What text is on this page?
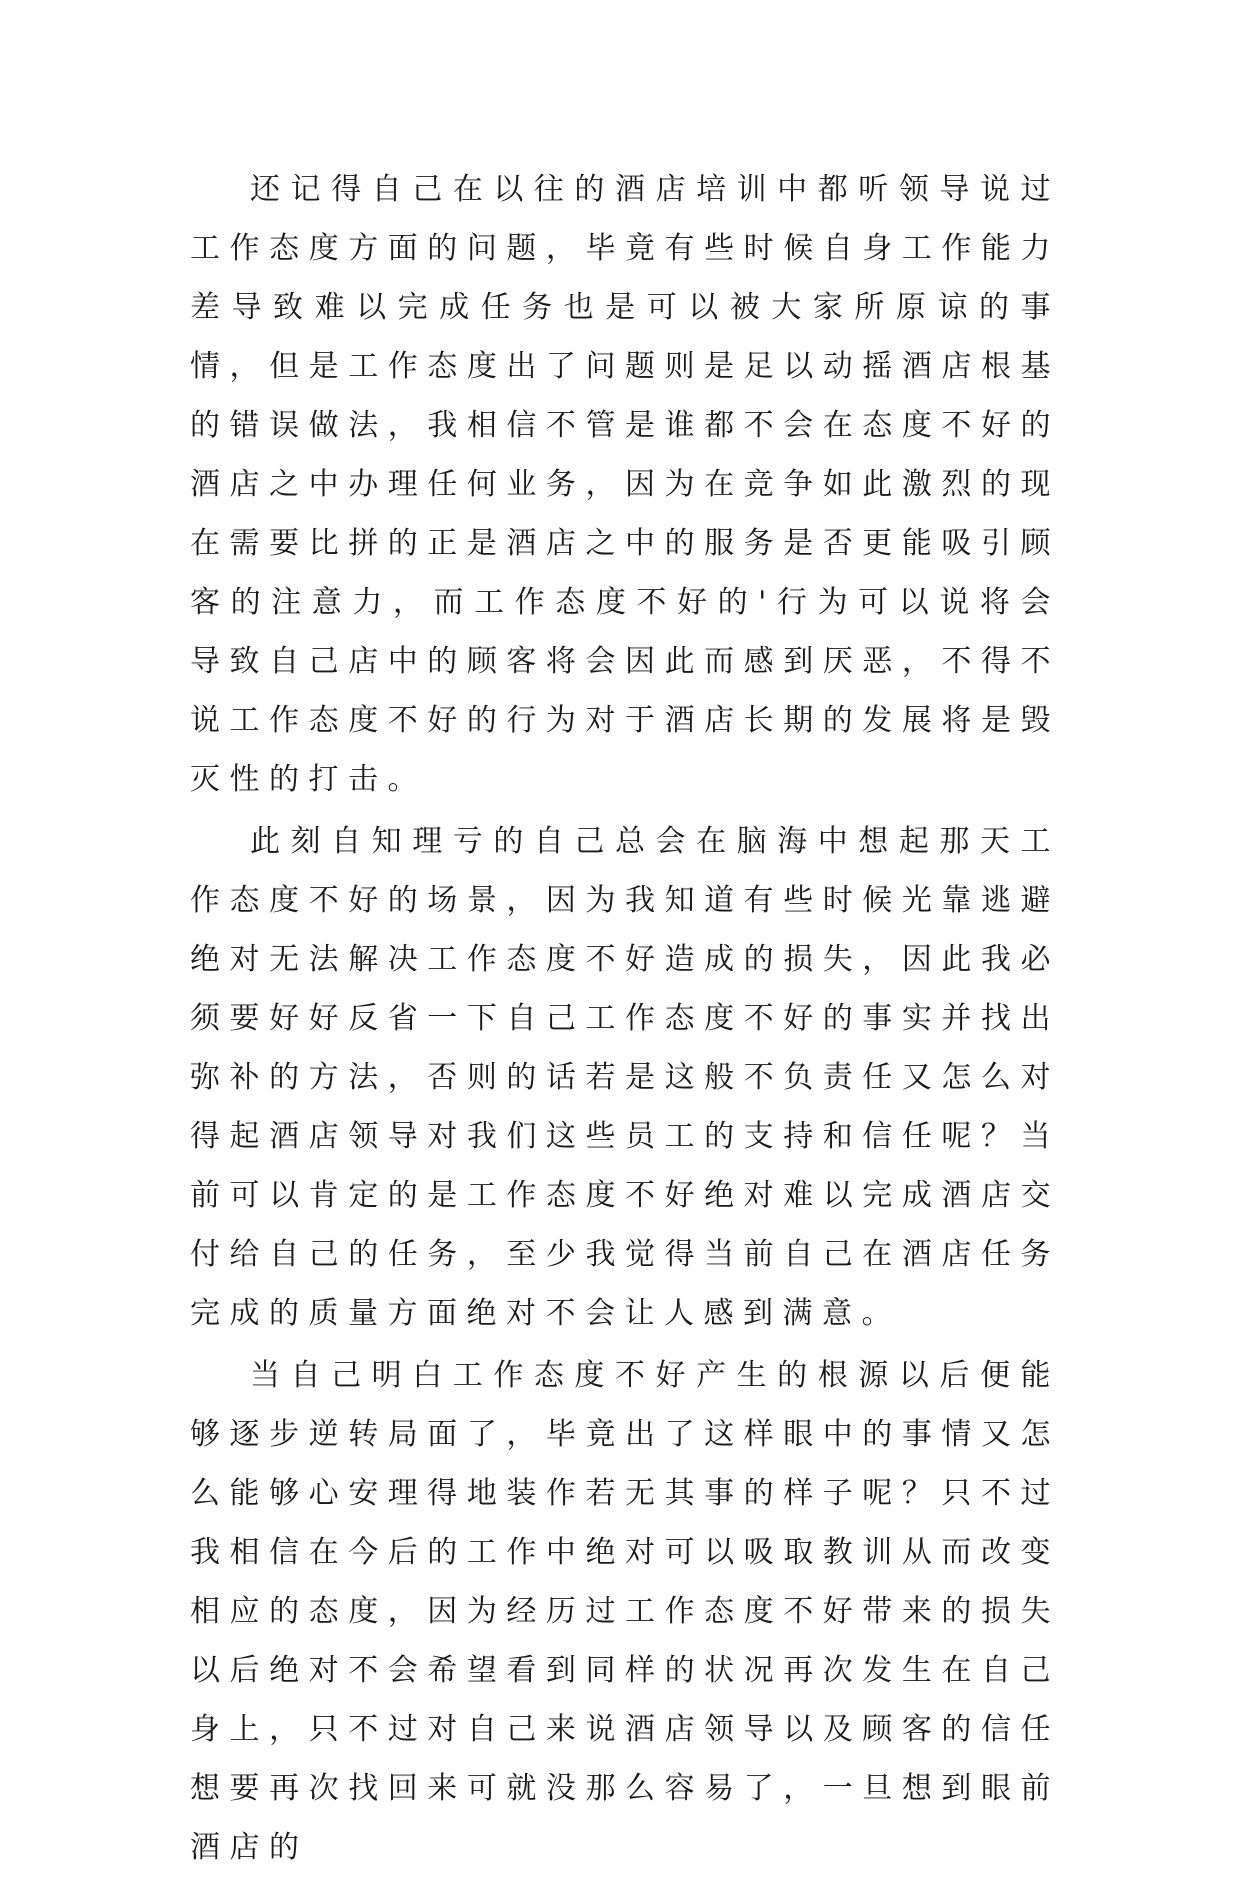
还记得自己在以往的酒店培训中都听领导说过工作态度方面的问题，毕竟有些时候自身工作能力差导致难以完成任务也是可以被大家所原谅的事情，但是工作态度出了问题则是足以动摇酒店根基的错误做法，我相信不管是谁都不会在态度不好的酒店之中办理任何业务，因为在竞争如此激烈的现在需要比拼的正是酒店之中的服务是否更能吸引顾客的注意力，而工作态度不好的'行为可以说将会导致自己店中的顾客将会因此而感到厌恶，不得不说工作态度不好的行为对于酒店长期的发展将是毁灭性的打击。

此刻自知理亏的自己总会在脑海中想起那天工作态度不好的场景，因为我知道有些时候光靠逃避绝对无法解决工作态度不好造成的损失，因此我必须要好好反省一下自己工作态度不好的事实并找出弥补的方法，否则的话若是这般不负责任又怎么对得起酒店领导对我们这些员工的支持和信任呢？当前可以肯定的是工作态度不好绝对难以完成酒店交付给自己的任务，至少我觉得当前自己在酒店任务完成的质量方面绝对不会让人感到满意。

当自己明白工作态度不好产生的根源以后便能够逐步逆转局面了，毕竟出了这样眼中的事情又怎么能够心安理得地装作若无其事的样子呢？只不过我相信在今后的工作中绝对可以吸取教训从而改变相应的态度，因为经历过工作态度不好带来的损失以后绝对不会希望看到同样的状况再次发生在自己身上，只不过对自己来说酒店领导以及顾客的信任想要再次找回来可就没那么容易了，一旦想到眼前酒店的
